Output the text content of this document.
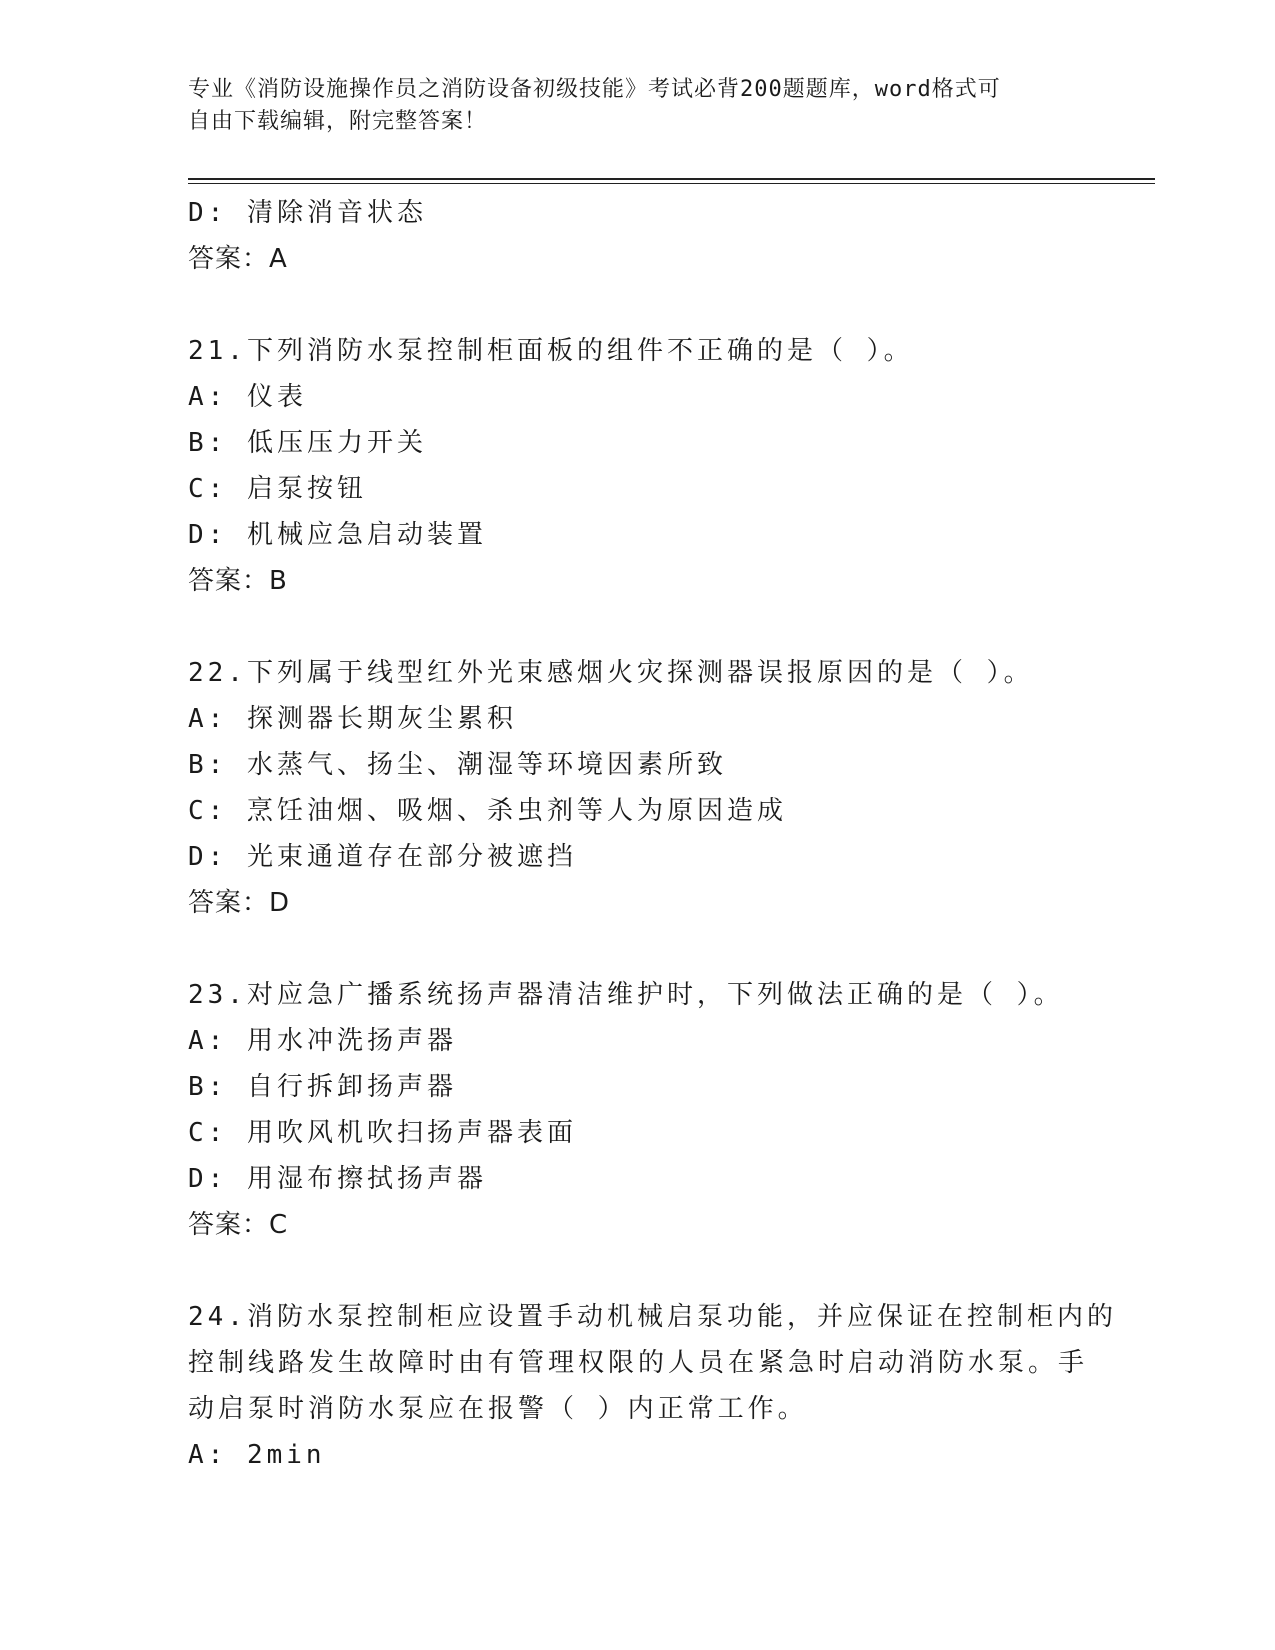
专业《消防设施操作员之消防设备初级技能》考试必背200题题库，word格式可
自由下载编辑，附完整答案！
D: 清除消音状态
答案：A
21.下列消防水泵控制柜面板的组件不正确的是（ ）。
A: 仪表
B: 低压压力开关
C: 启泵按钮
D: 机械应急启动装置
答案：B
22.下列属于线型红外光束感烟火灾探测器误报原因的是（ ）。
A: 探测器长期灰尘累积
B: 水蒸气、扬尘、潮湿等环境因素所致
C: 烹饪油烟、吸烟、杀虫剂等人为原因造成
D: 光束通道存在部分被遮挡
答案：D
23.对应急广播系统扬声器清洁维护时，下列做法正确的是（ ）。
A: 用水冲洗扬声器
B: 自行拆卸扬声器
C: 用吹风机吹扫扬声器表面
D: 用湿布擦拭扬声器
答案：C
24.消防水泵控制柜应设置手动机械启泵功能，并应保证在控制柜内的
控制线路发生故障时由有管理权限的人员在紧急时启动消防水泵。手
动启泵时消防水泵应在报警（ ）内正常工作。
A: 2min
